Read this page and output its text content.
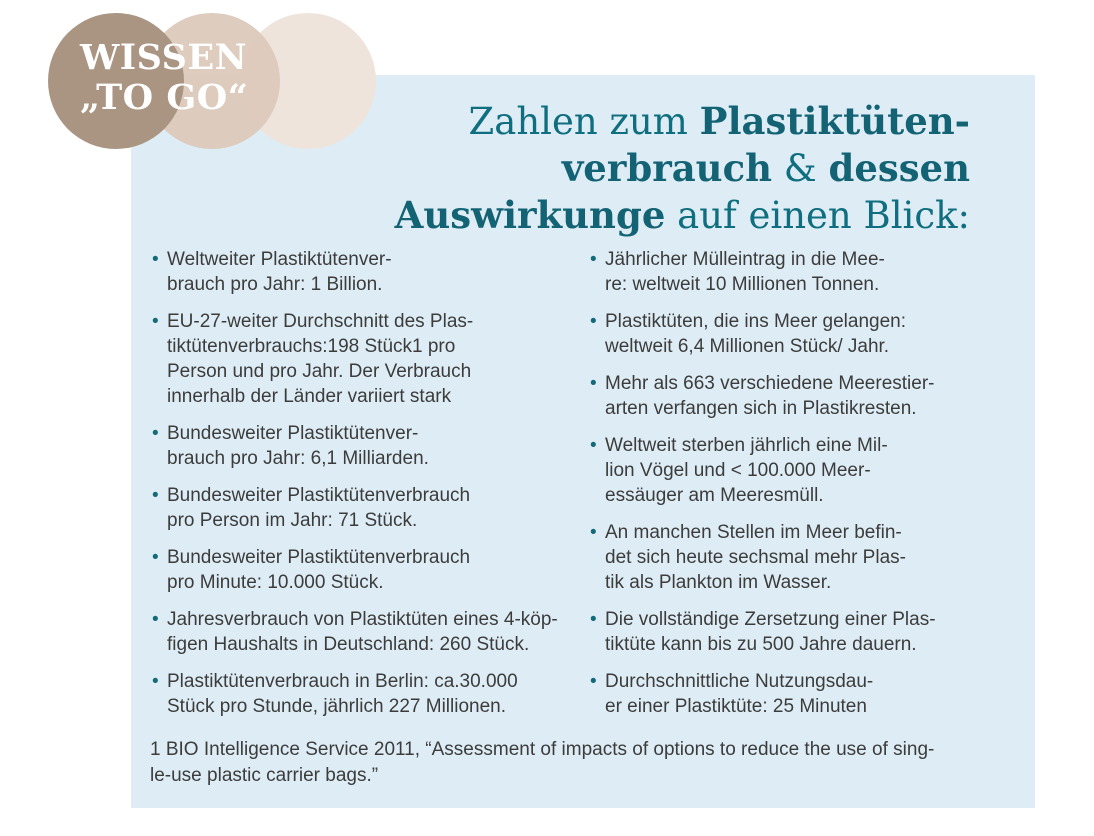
WISSEN
„TO GO“
Zahlen zum Plastiktüten-
verbrauch & dessen
Auswirkunge auf einen Blick:
• Weltweiter Plastiktütenver-
brauch pro Jahr: 1 Billion.
• EU-27-weiter Durchschnitt des Plas-
tiktütenverbrauchs:198 Stück1 pro
Person und pro Jahr. Der Verbrauch
innerhalb der Länder variiert stark
• Bundesweiter Plastiktütenver-
brauch pro Jahr: 6,1 Milliarden.
• Bundesweiter Plastiktütenverbrauch
pro Person im Jahr: 71 Stück.
• Bundesweiter Plastiktütenverbrauch
pro Minute: 10.000 Stück.
• Jahresverbrauch von Plastiktüten eines 4-köp-
figen Haushalts in Deutschland: 260 Stück.
• Plastiktütenverbrauch in Berlin: ca.30.000
Stück pro Stunde, jährlich 227 Millionen.
• Jährlicher Mülleintrag in die Mee-
re: weltweit 10 Millionen Tonnen.
• Plastiktüten, die ins Meer gelangen:
weltweit 6,4 Millionen Stück/ Jahr.
• Mehr als 663 verschiedene Meerestier-
arten verfangen sich in Plastikresten.
• Weltweit sterben jährlich eine Mil-
lion Vögel und < 100.000 Meer-
essäuger am Meeresmüll.
• An manchen Stellen im Meer befin-
det sich heute sechsmal mehr Plas-
tik als Plankton im Wasser.
• Die vollständige Zersetzung einer Plas-
tiktüte kann bis zu 500 Jahre dauern.
• Durchschnittliche Nutzungsdau-
er einer Plastiktüte: 25 Minuten
1 BIO Intelligence Service 2011, “Assessment of impacts of options to reduce the use of sing-
le-use plastic carrier bags.”
